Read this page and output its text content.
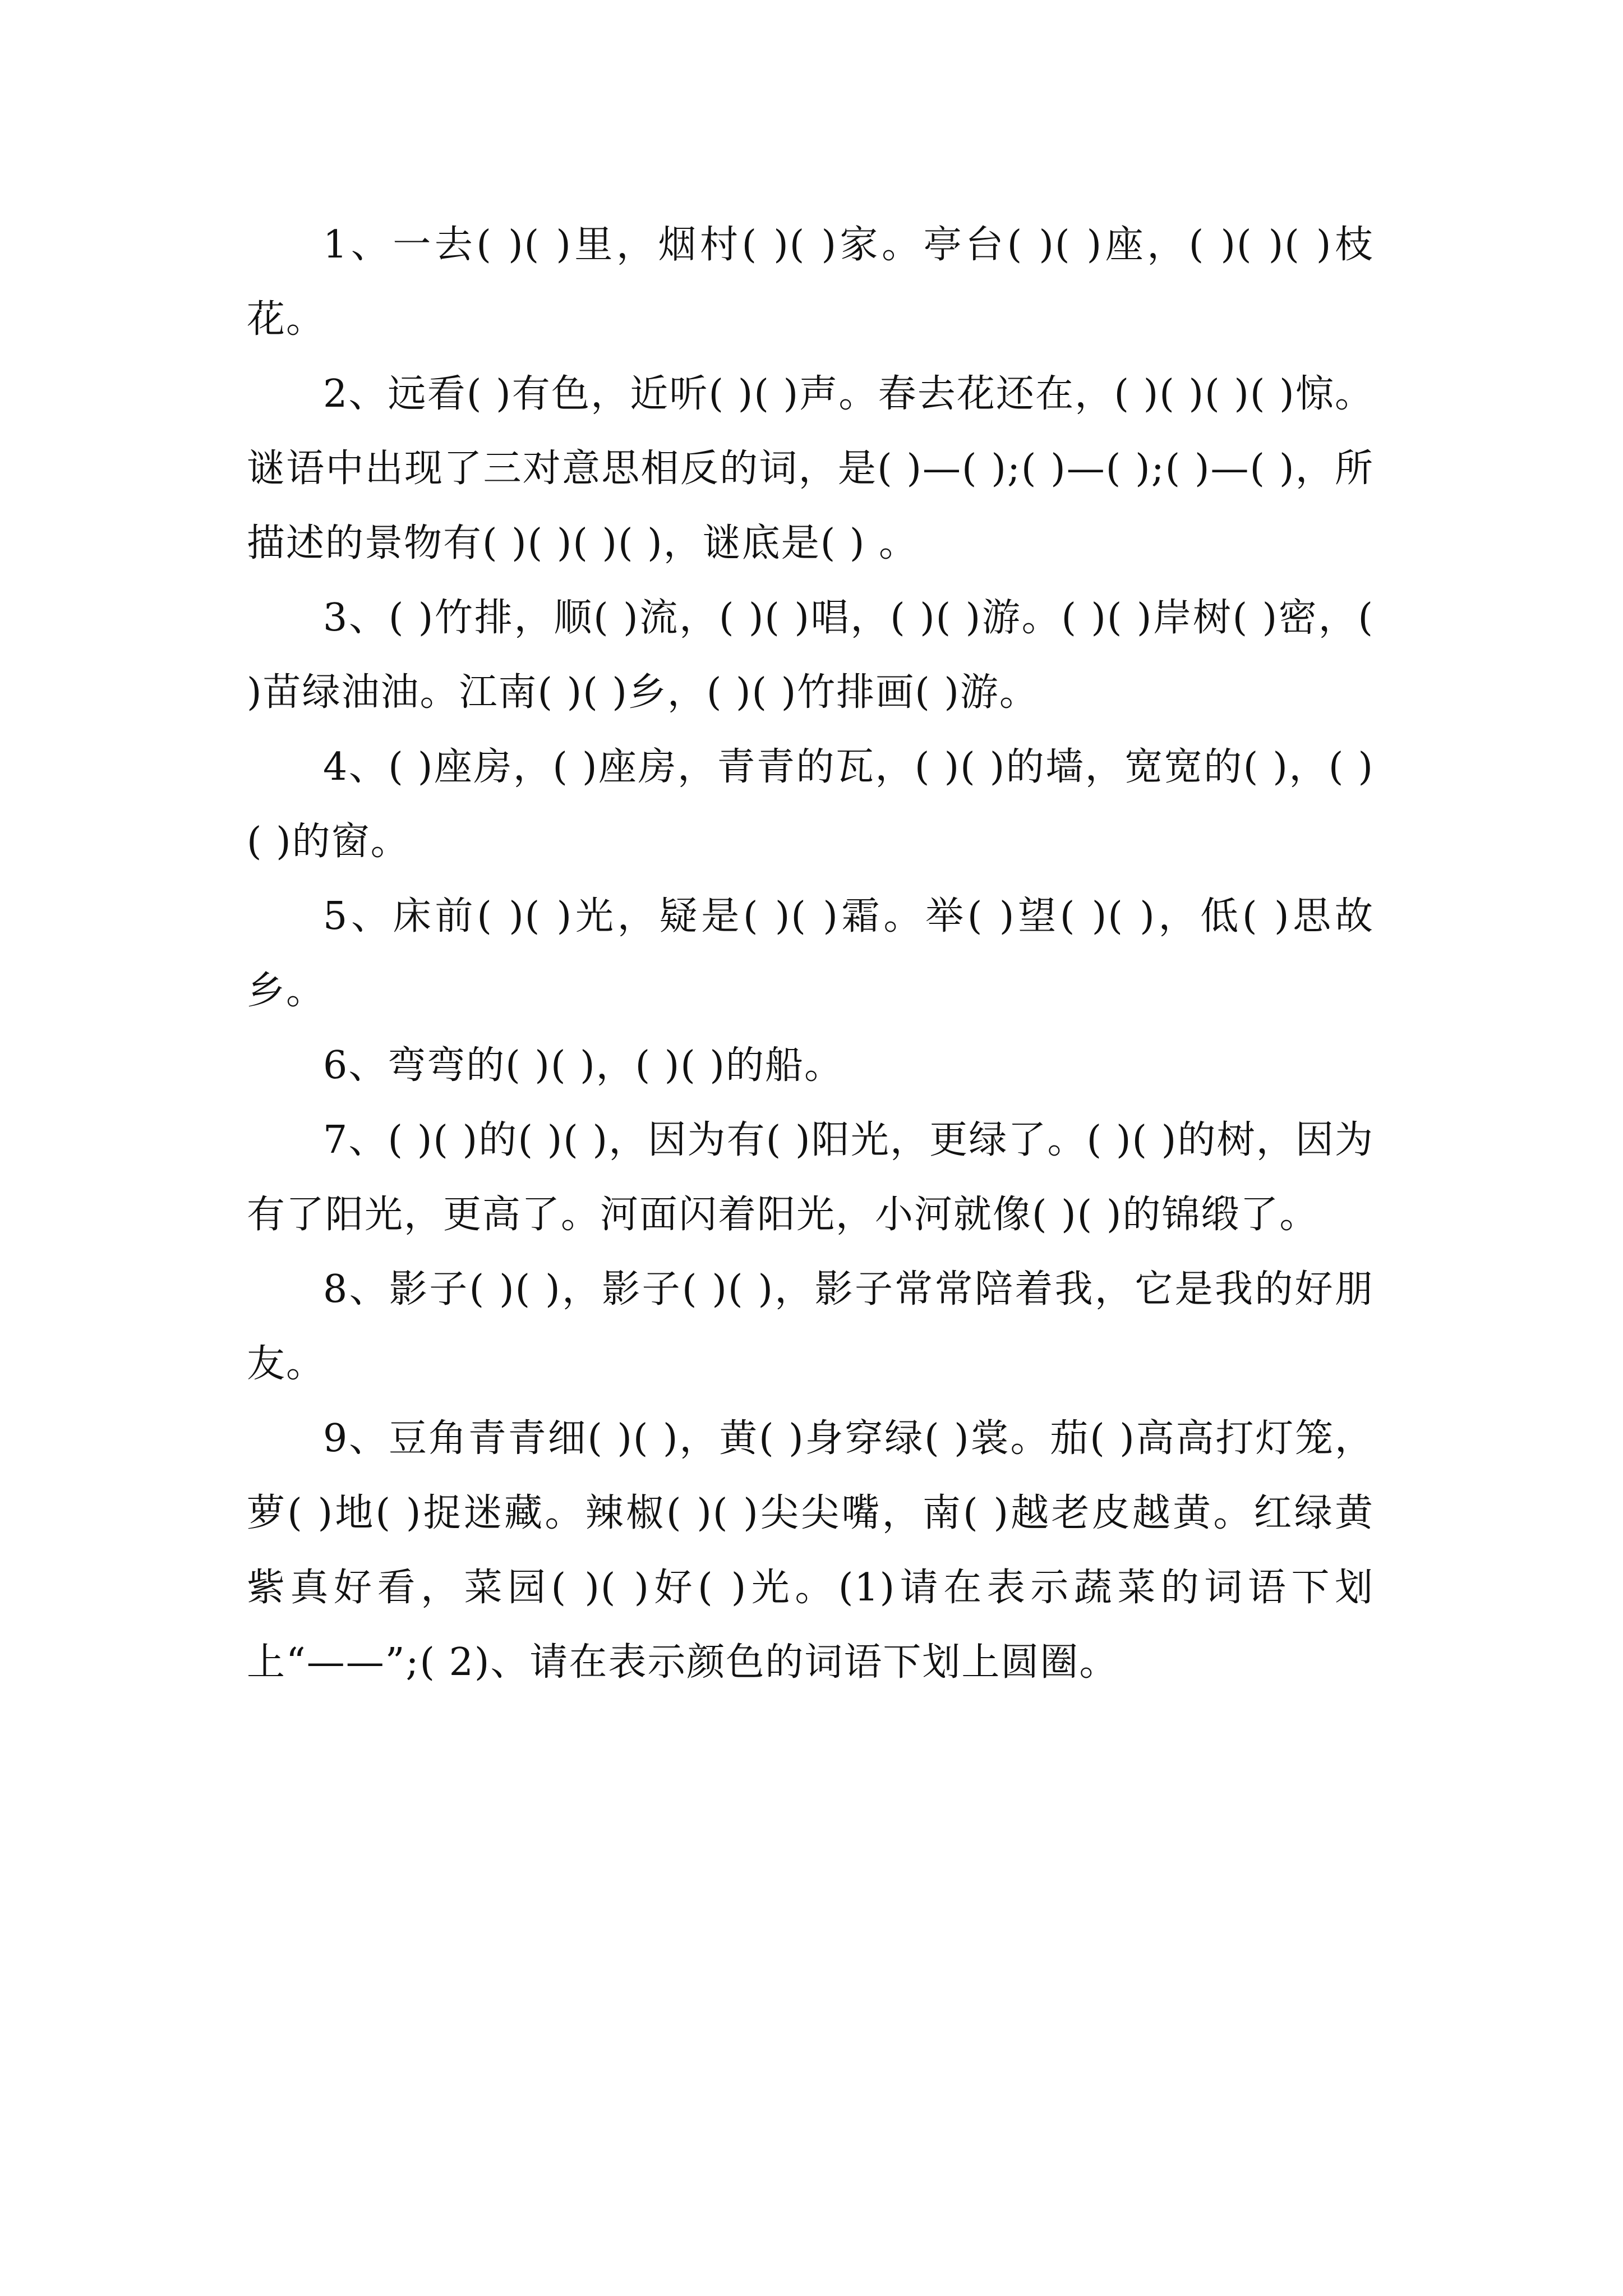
1、一去( )( )里，烟村( )( )家。亭台( )( )座，( )( )( )枝花。

2、远看( )有色，近听( )( )声。春去花还在，( )( )( )( )惊。谜语中出现了三对意思相反的词，是( )—( );( )—( );( )—( )，所描述的景物有( )( )( )( )，谜底是( ) 。

3、( )竹排，顺( )流，( )( )唱，( )( )游。( )( )岸树( )密，( )苗绿油油。江南( )( )乡，( )( )竹排画( )游。

4、( )座房，( )座房，青青的瓦，( )( )的墙，宽宽的( )，( )( )的窗。

5、床前( )( )光，疑是( )( )霜。举( )望( )( )，低( )思故乡。

6、弯弯的( )( )，( )( )的船。

7、( )( )的( )( )，因为有( )阳光，更绿了。( )( )的树，因为有了阳光，更高了。河面闪着阳光，小河就像( )( )的锦缎了。

8、影子( )( )，影子( )( )，影子常常陪着我，它是我的好朋友。

9、豆角青青细( )( )，黄( )身穿绿( )裳。茄( )高高打灯笼，萝( )地( )捉迷藏。辣椒( )( )尖尖嘴，南( )越老皮越黄。红绿黄紫真好看，菜园( )( )好( )光。(1)请在表示蔬菜的词语下划上“——”;( 2)、请在表示颜色的词语下划上圆圈。
